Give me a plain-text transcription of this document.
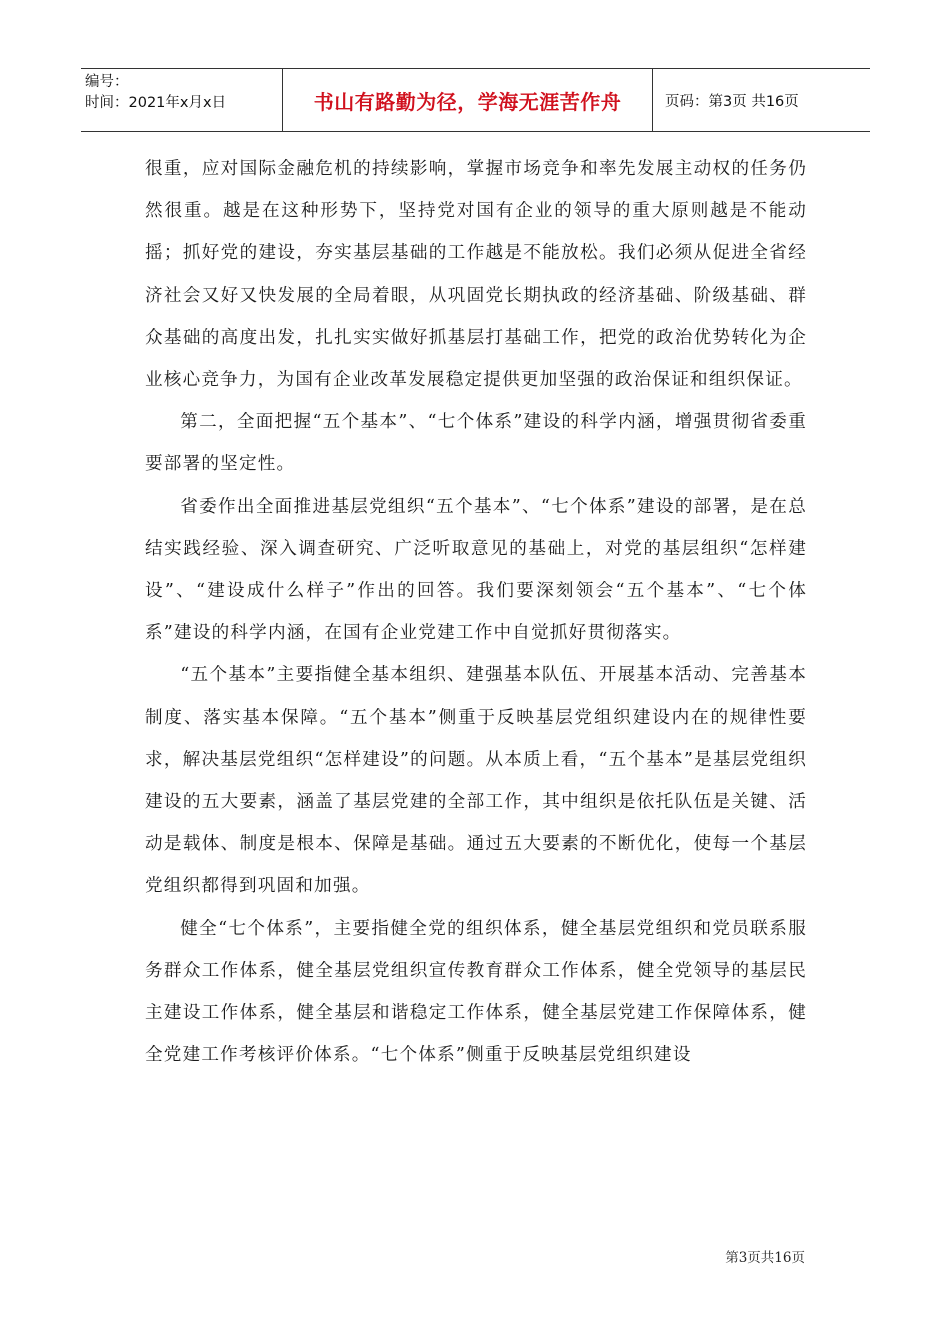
编号：
时间：2021年x月x日	书山有路勤为径，学海无涯苦作舟	页码：第3页 共16页

很重，应对国际金融危机的持续影响，掌握市场竞争和率先发展主动权的任务仍然很重。越是在这种形势下，坚持党对国有企业的领导的重大原则越是不能动摇；抓好党的建设，夯实基层基础的工作越是不能放松。我们必须从促进全省经济社会又好又快发展的全局着眼，从巩固党长期执政的经济基础、阶级基础、群众基础的高度出发，扎扎实实做好抓基层打基础工作，把党的政治优势转化为企业核心竞争力，为国有企业改革发展稳定提供更加坚强的政治保证和组织保证。

第二，全面把握“五个基本”、“七个体系”建设的科学内涵，增强贯彻省委重要部署的坚定性。

省委作出全面推进基层党组织“五个基本”、“七个体系”建设的部署，是在总结实践经验、深入调查研究、广泛听取意见的基础上，对党的基层组织“怎样建设”、“建设成什么样子”作出的回答。我们要深刻领会“五个基本”、“七个体系”建设的科学内涵，在国有企业党建工作中自觉抓好贯彻落实。

“五个基本”主要指健全基本组织、建强基本队伍、开展基本活动、完善基本制度、落实基本保障。“五个基本”侧重于反映基层党组织建设内在的规律性要求，解决基层党组织“怎样建设”的问题。从本质上看，“五个基本”是基层党组织建设的五大要素，涵盖了基层党建的全部工作，其中组织是依托队伍是关键、活动是载体、制度是根本、保障是基础。通过五大要素的不断优化，使每一个基层党组织都得到巩固和加强。

健全“七个体系”，主要指健全党的组织体系，健全基层党组织和党员联系服务群众工作体系，健全基层党组织宣传教育群众工作体系，健全党领导的基层民主建设工作体系，健全基层和谐稳定工作体系，健全基层党建工作保障体系，健全党建工作考核评价体系。“七个体系”侧重于反映基层党组织建设

第3页共16页
